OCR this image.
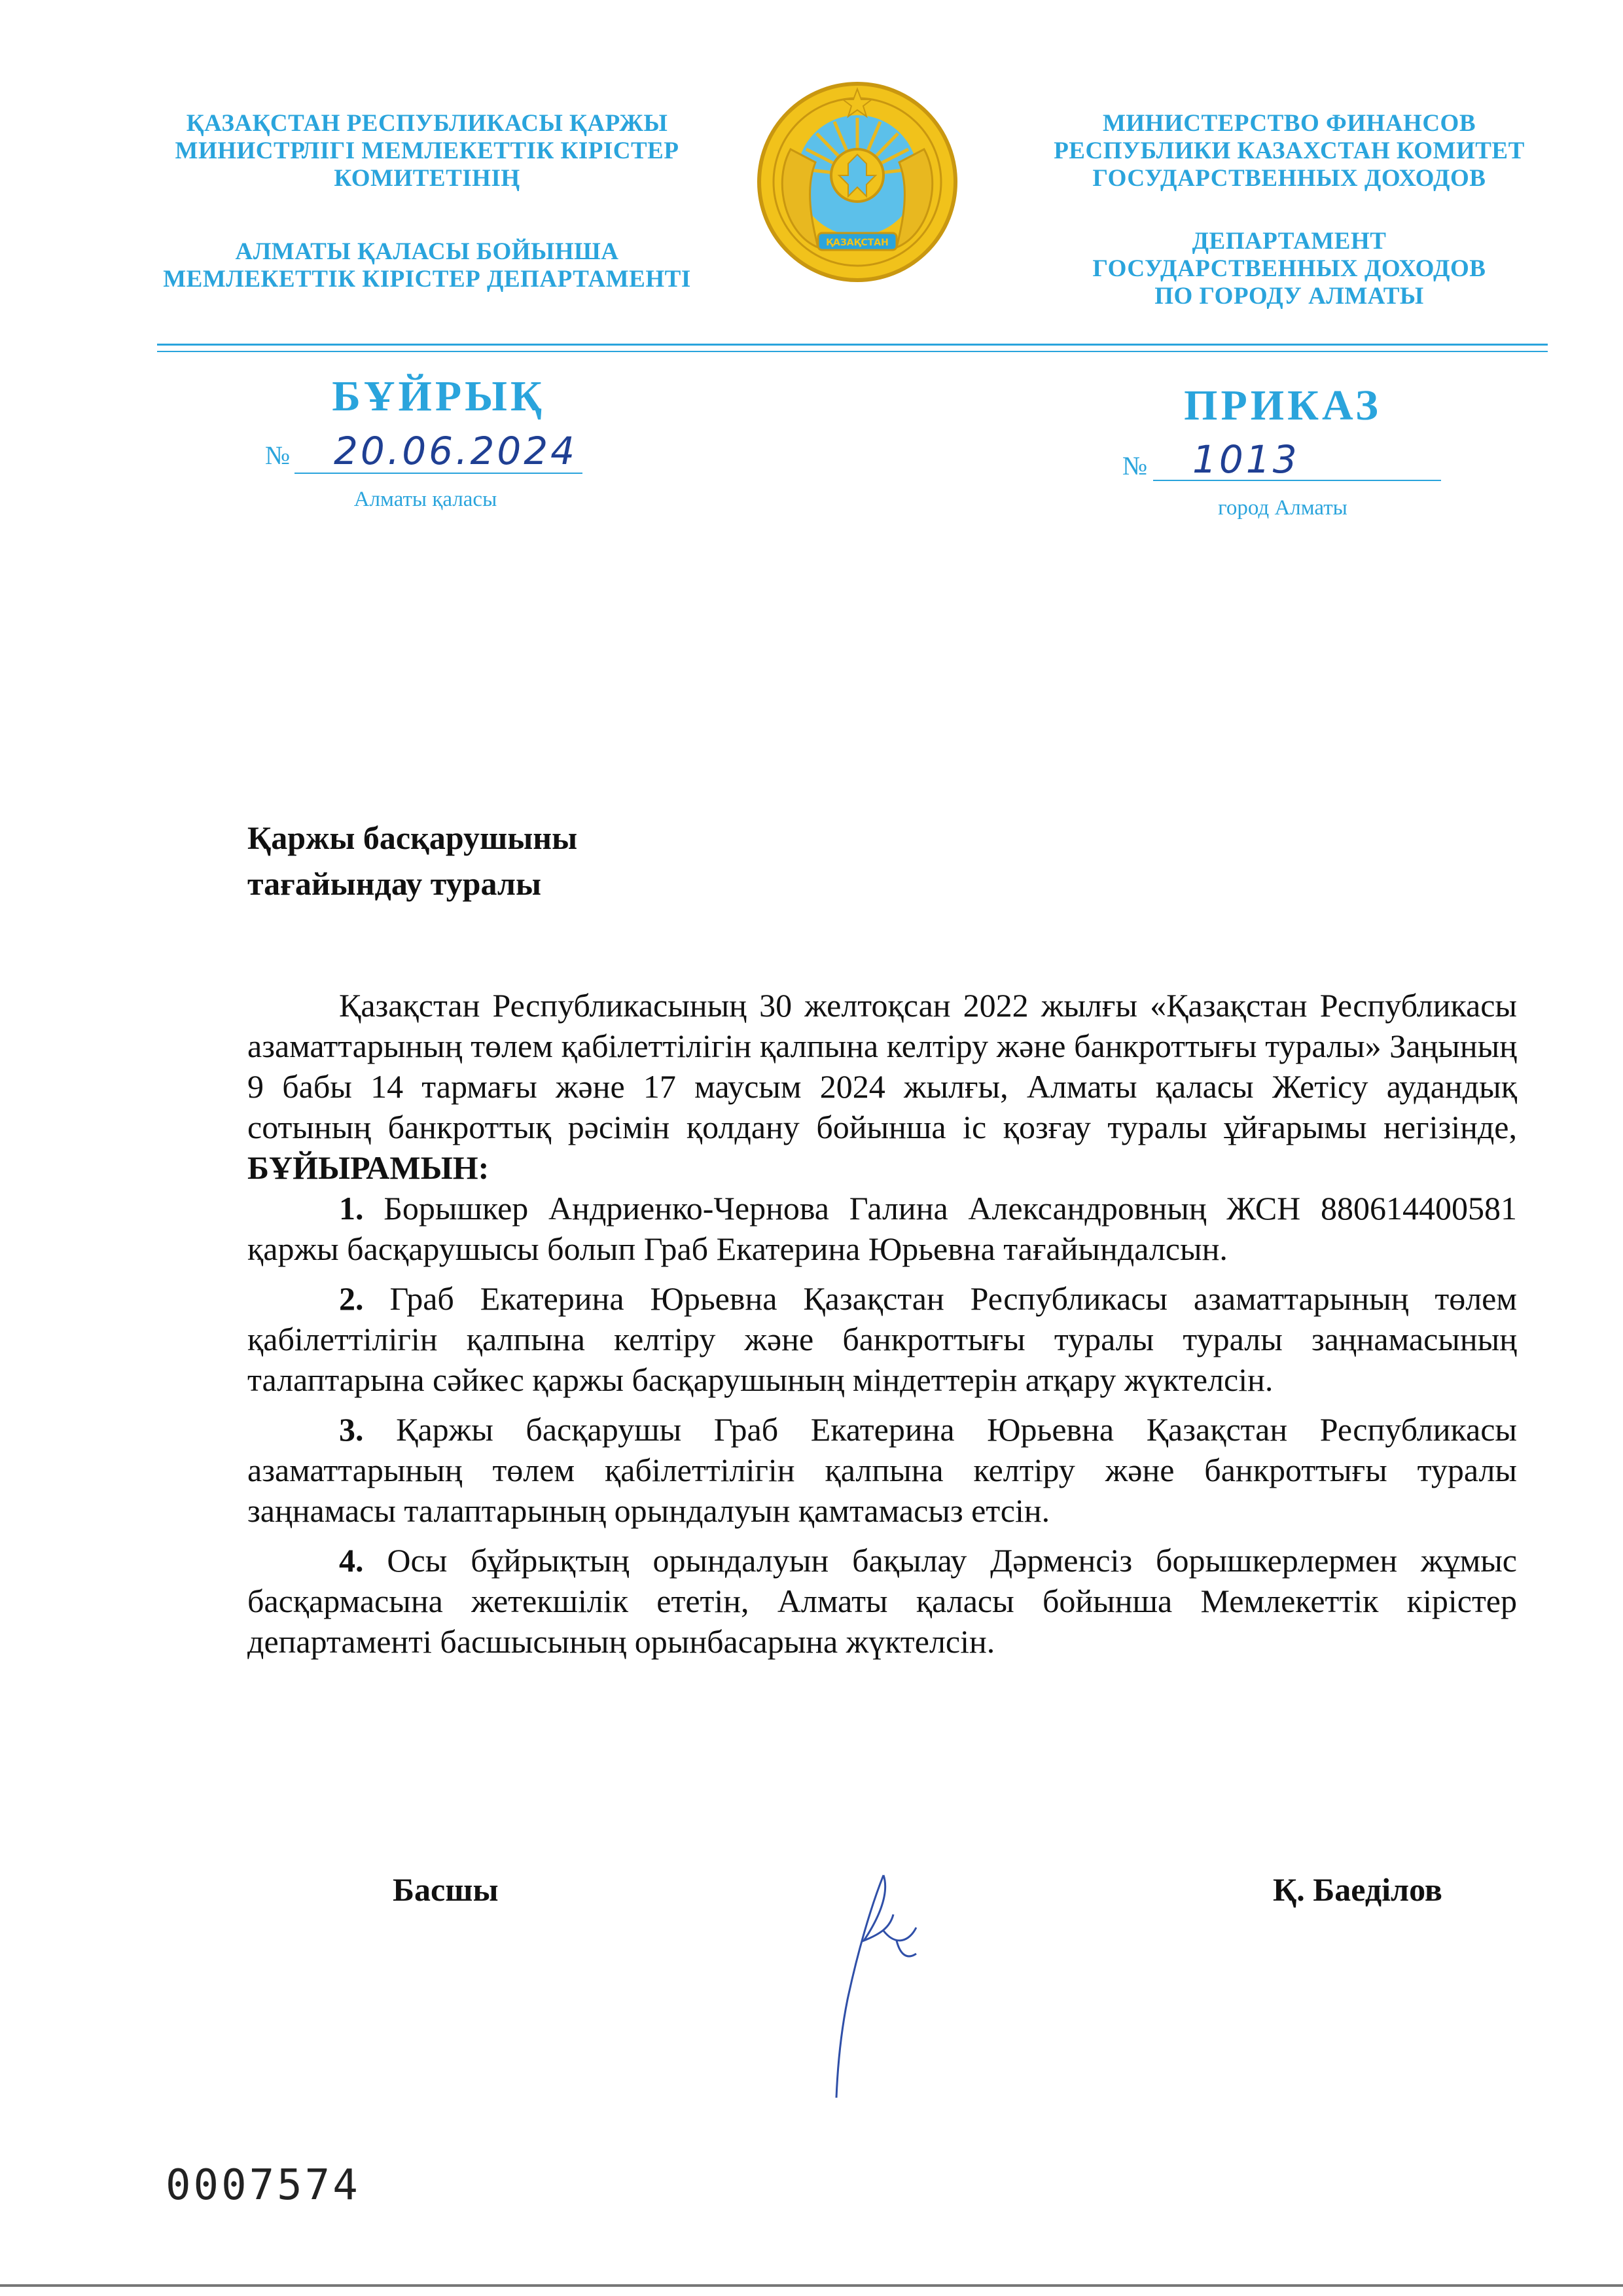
ҚАЗАҚСТАН РЕСПУБЛИКАСЫ ҚАРЖЫ
МИНИСТРЛІГІ МЕМЛЕКЕТТІК КІРІСТЕР
КОМИТЕТІНІҢ
АЛМАТЫ ҚАЛАСЫ БОЙЫНША
МЕМЛЕКЕТТІК КІРІСТЕР ДЕПАРТАМЕНТІ
ҚАЗАҚСТАН
МИНИСТЕРСТВО ФИНАНСОВ
РЕСПУБЛИКИ КАЗАХСТАН КОМИТЕТ
ГОСУДАРСТВЕННЫХ ДОХОДОВ
ДЕПАРТАМЕНТ
ГОСУДАРСТВЕННЫХ ДОХОДОВ
ПО ГОРОДУ АЛМАТЫ
БҰЙРЫҚ	ПРИКАЗ
№ 20.06.2024	№ 1013
Алматы қаласы	город Алматы
Қаржы басқарушыны
тағайындау туралы

Қазақстан Республикасының 30 желтоқсан 2022 жылғы «Қазақстан Республикасы азаматтарының төлем қабілеттілігін қалпына келтіру және банкроттығы туралы» Заңының 9 бабы 14 тармағы және 17 маусым 2024 жылғы, Алматы қаласы Жетісу аудандық сотының банкроттық рәсімін қолдану бойынша іс қозғау туралы ұйғарымы негізінде, БҰЙЫРАМЫН:

1. Борышкер Андриенко-Чернова Галина Александровның ЖСН 880614400581 қаржы басқарушысы болып Граб Екатерина Юрьевна тағайындалсын.

2. Граб Екатерина Юрьевна Қазақстан Республикасы азаматтарының төлем қабілеттілігін қалпына келтіру және банкроттығы туралы туралы заңнамасының талаптарына сәйкес қаржы басқарушының міндеттерін атқару жүктелсін.

3. Қаржы басқарушы Граб Екатерина Юрьевна Қазақстан Республикасы азаматтарының төлем қабілеттілігін қалпына келтіру және банкроттығы туралы заңнамасы талаптарының орындалуын қамтамасыз етсін.

4. Осы бұйрықтың орындалуын бақылау Дәрменсіз борышкерлермен жұмыс басқармасына жетекшілік ететін, Алматы қаласы бойынша Мемлекеттік кірістер департаменті басшысының орынбасарына жүктелсін.

Басшы	Қ. Баеділов
0007574
